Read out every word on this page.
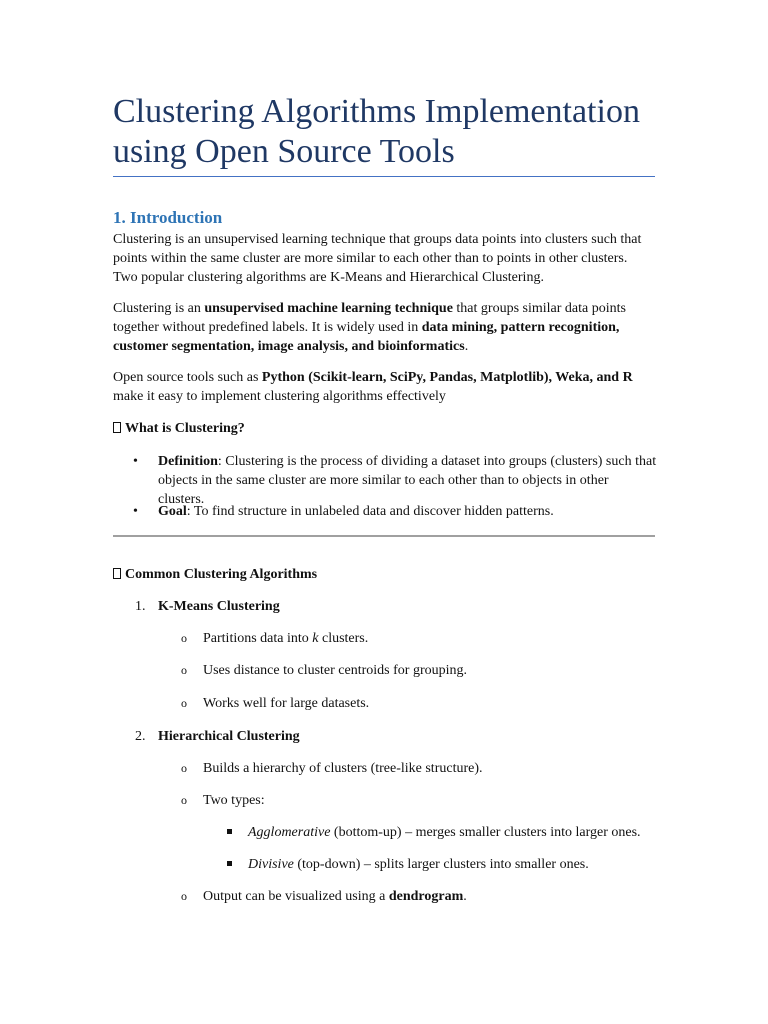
Clustering Algorithms Implementation
using Open Source Tools
1. Introduction

Clustering is an unsupervised learning technique that groups data points into clusters such that points within the same cluster are more similar to each other than to points in other clusters. Two popular clustering algorithms are K-Means and Hierarchical Clustering.

Clustering is an unsupervised machine learning technique that groups similar data points together without predefined labels. It is widely used in data mining, pattern recognition, customer segmentation, image analysis, and bioinformatics.

Open source tools such as Python (Scikit-learn, SciPy, Pandas, Matplotlib), Weka, and R make it easy to implement clustering algorithms effectively

What is Clustering?
• Definition: Clustering is the process of dividing a dataset into groups (clusters) such that objects in the same cluster are more similar to each other than to objects in other clusters.

• Goal: To find structure in unlabeled data and discover hidden patterns.

Common Clustering Algorithms
1. K-Means Clustering

o Partitions data into k clusters.

o Uses distance to cluster centroids for grouping.

o Works well for large datasets.

2. Hierarchical Clustering

o Builds a hierarchy of clusters (tree-like structure).

o Two types:

Agglomerative (bottom-up) – merges smaller clusters into larger ones.

Divisive (top-down) – splits larger clusters into smaller ones.

o Output can be visualized using a dendrogram.
